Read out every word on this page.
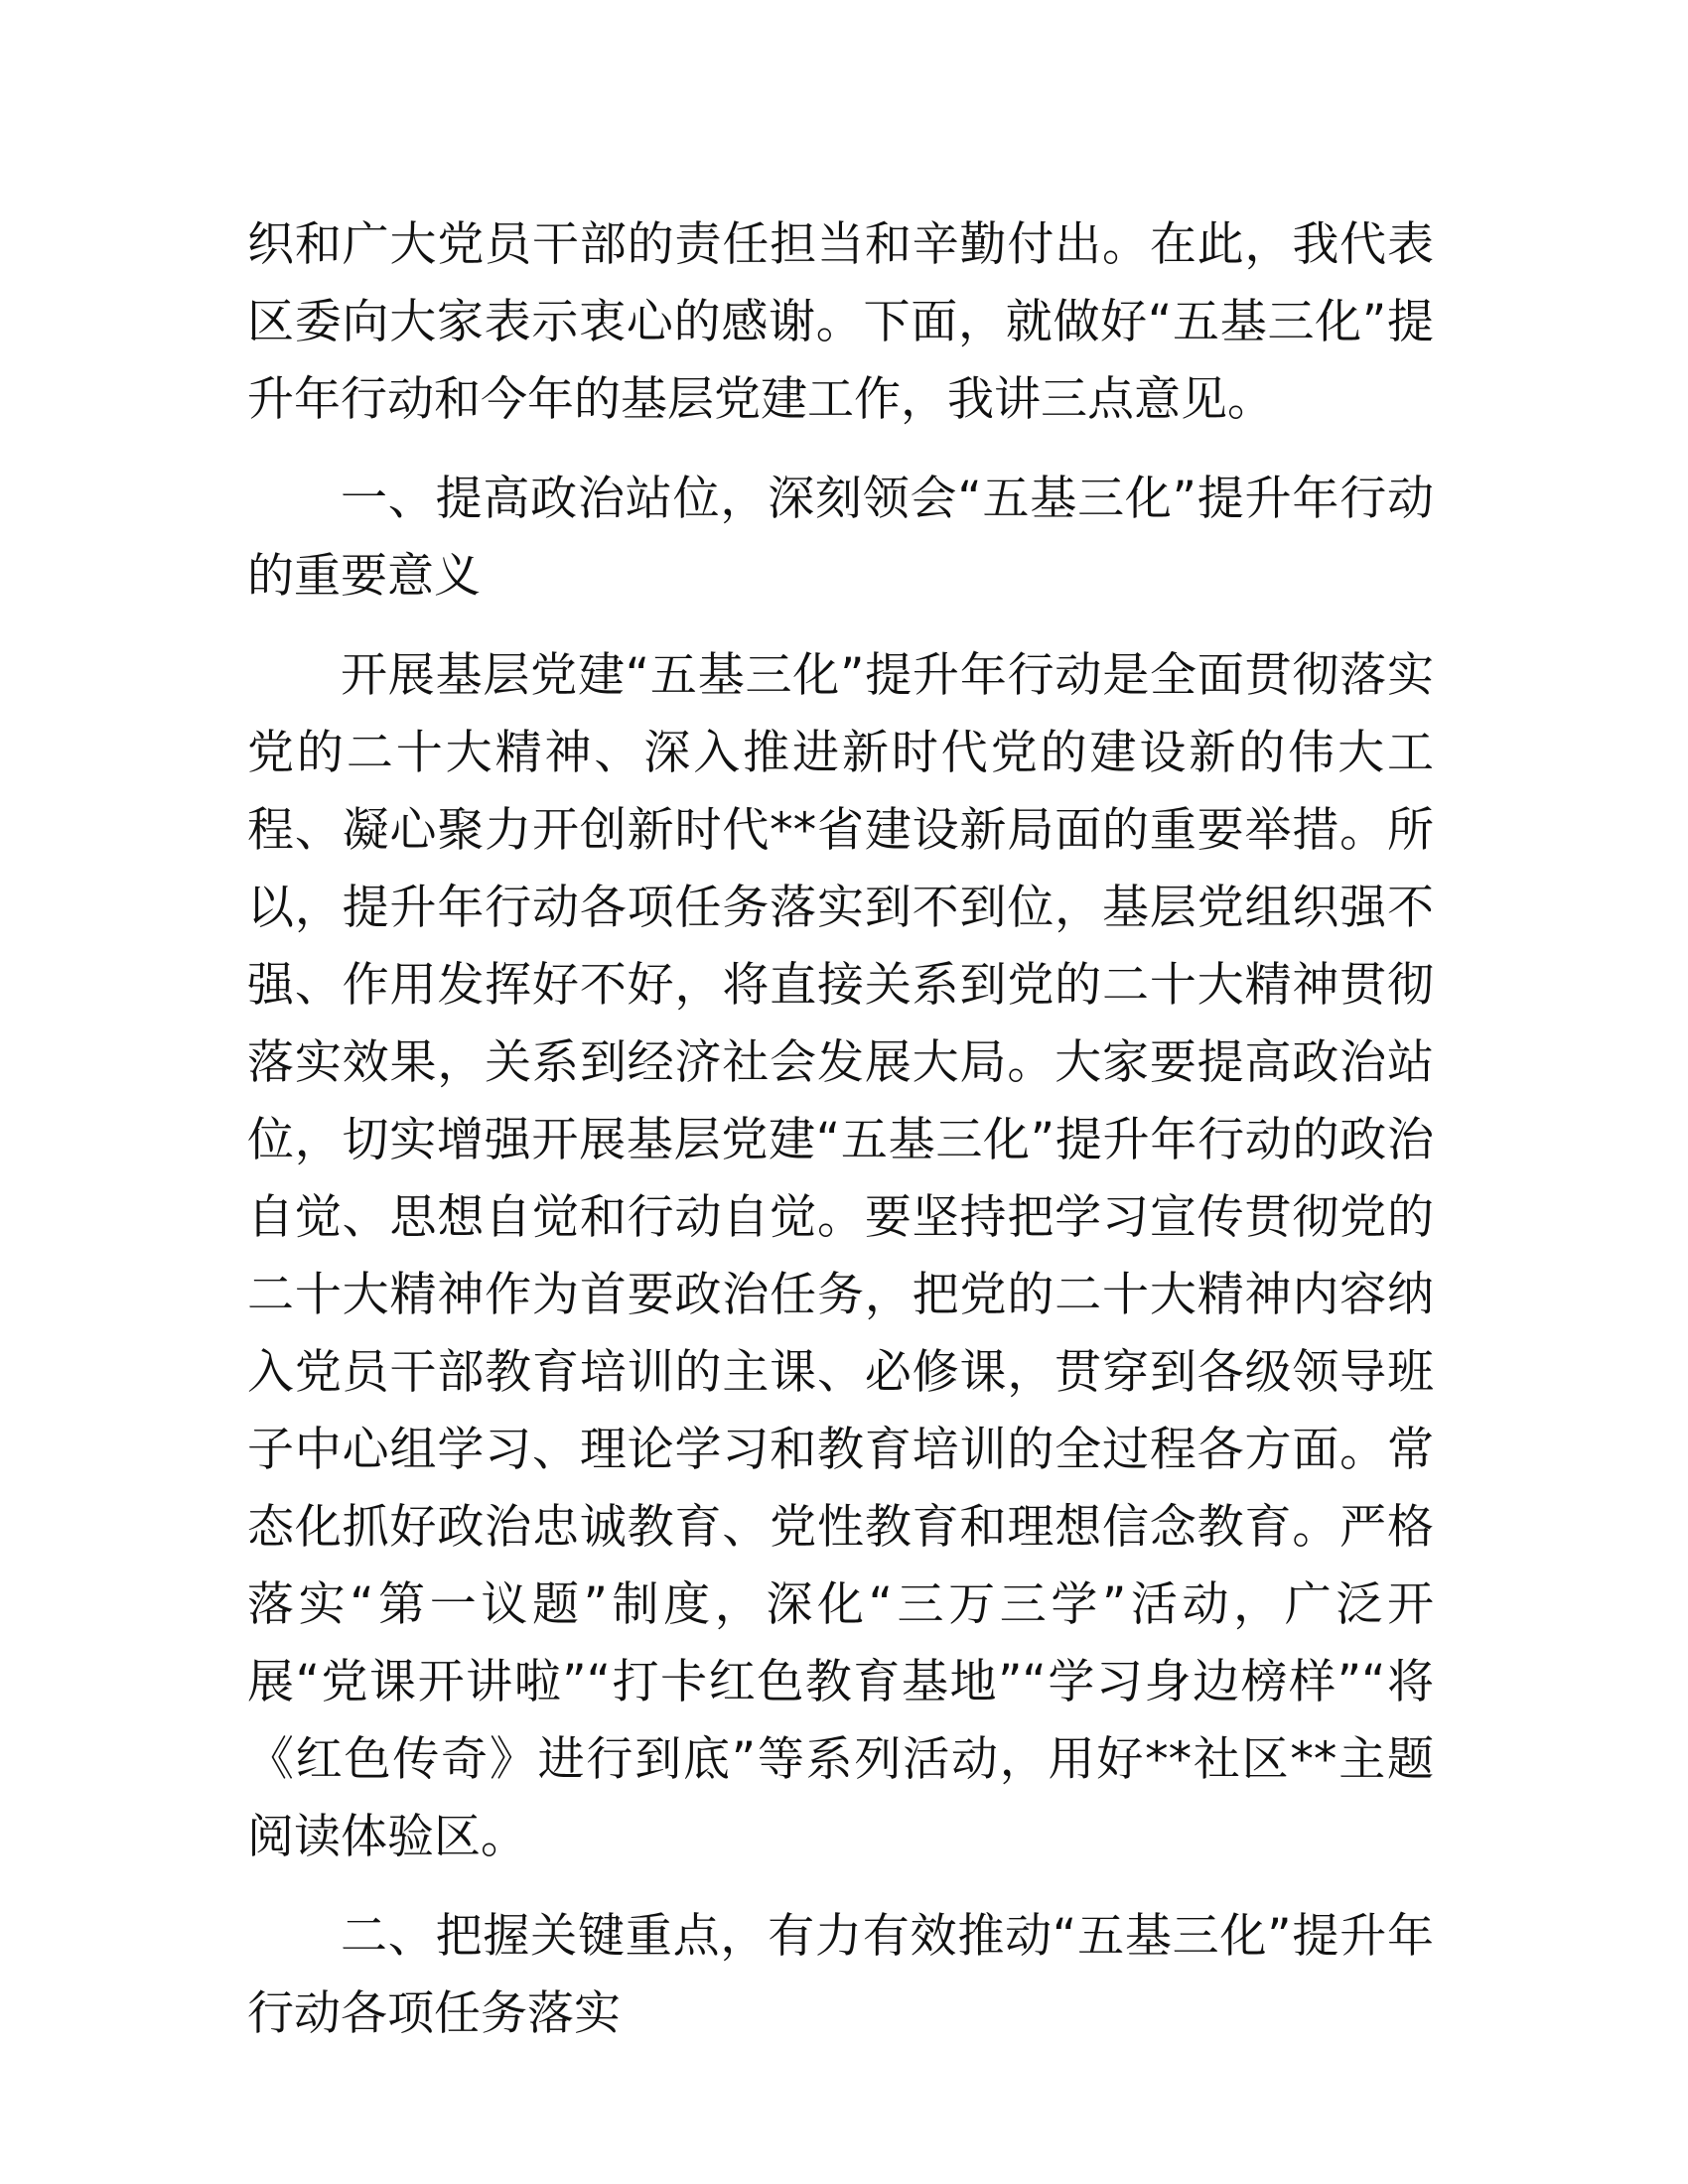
织和广大党员干部的责任担当和辛勤付出。在此，我代表区委向大家表示衷心的感谢。下面，就做好“五基三化”提升年行动和今年的基层党建工作，我讲三点意见。

一、提高政治站位，深刻领会“五基三化”提升年行动的重要意义

开展基层党建“五基三化”提升年行动是全面贯彻落实党的二十大精神、深入推进新时代党的建设新的伟大工程、凝心聚力开创新时代**省建设新局面的重要举措。所以，提升年行动各项任务落实到不到位，基层党组织强不强、作用发挥好不好，将直接关系到党的二十大精神贯彻落实效果，关系到经济社会发展大局。大家要提高政治站位，切实增强开展基层党建“五基三化”提升年行动的政治自觉、思想自觉和行动自觉。要坚持把学习宣传贯彻党的二十大精神作为首要政治任务，把党的二十大精神内容纳入党员干部教育培训的主课、必修课，贯穿到各级领导班子中心组学习、理论学习和教育培训的全过程各方面。常态化抓好政治忠诚教育、党性教育和理想信念教育。严格落实“第一议题”制度，深化“三万三学”活动，广泛开展“党课开讲啦”“打卡红色教育基地”“学习身边榜样”“将《红色传奇》进行到底”等系列活动，用好**社区**主题阅读体验区。

二、把握关键重点，有力有效推动“五基三化”提升年行动各项任务落实
